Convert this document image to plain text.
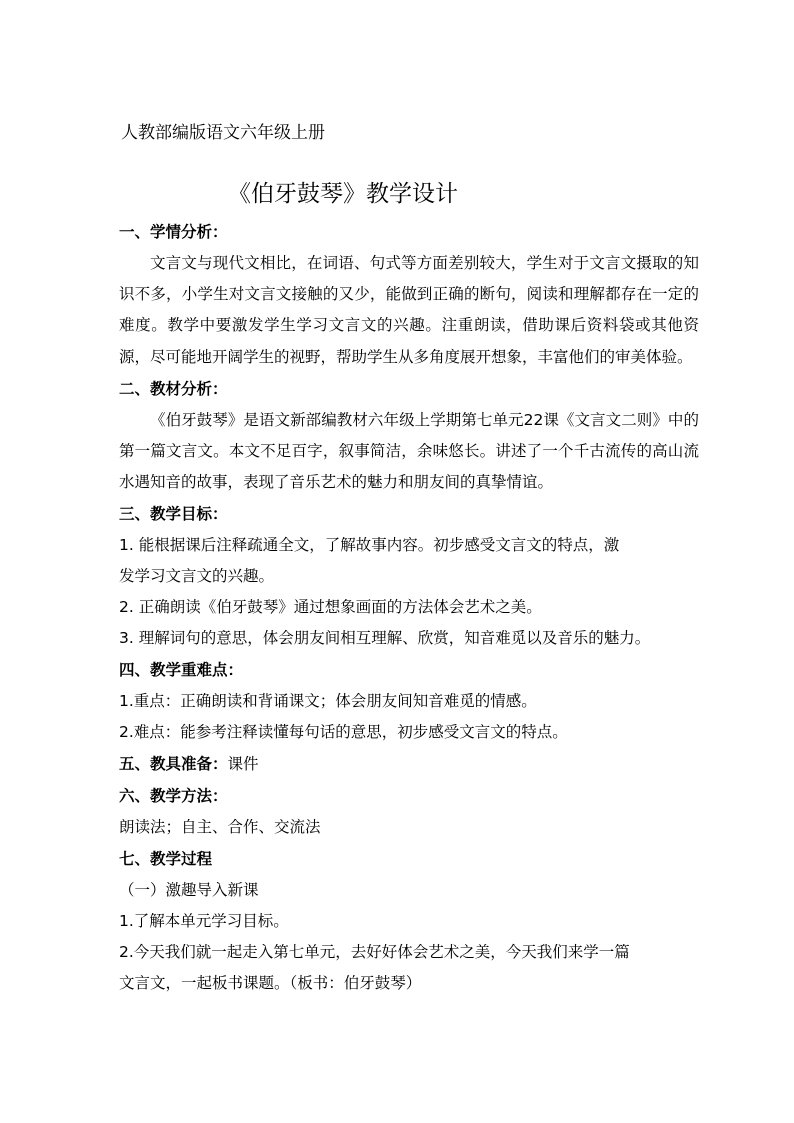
人教部编版语文六年级上册
《伯牙鼓琴》教学设计

一、学情分析：

文言文与现代文相比，在词语、句式等方面差别较大，学生对于文言文摄取的知识不多，小学生对文言文接触的又少，能做到正确的断句，阅读和理解都存在一定的难度。教学中要激发学生学习文言文的兴趣。注重朗读，借助课后资料袋或其他资源，尽可能地开阔学生的视野，帮助学生从多角度展开想象，丰富他们的审美体验。

二、教材分析：

《伯牙鼓琴》是语文新部编教材六年级上学期第七单元22课《文言文二则》中的第一篇文言文。本文不足百字，叙事简洁，余味悠长。讲述了一个千古流传的高山流水遇知音的故事，表现了音乐艺术的魅力和朋友间的真挚情谊。

三、教学目标：

1. 能根据课后注释疏通全文，了解故事内容。初步感受文言文的特点，激

发学习文言文的兴趣。

2. 正确朗读《伯牙鼓琴》通过想象画面的方法体会艺术之美。

3. 理解词句的意思，体会朋友间相互理解、欣赏，知音难觅以及音乐的魅力。

四、教学重难点：

1.重点：正确朗读和背诵课文；体会朋友间知音难觅的情感。

2.难点：能参考注释读懂每句话的意思，初步感受文言文的特点。

五、教具准备：课件

六、教学方法：

朗读法；自主、合作、交流法

七、教学过程

（一）激趣导入新课

1.了解本单元学习目标。

2.今天我们就一起走入第七单元，去好好体会艺术之美，今天我们来学一篇

文言文，一起板书课题。（板书：伯牙鼓琴）
